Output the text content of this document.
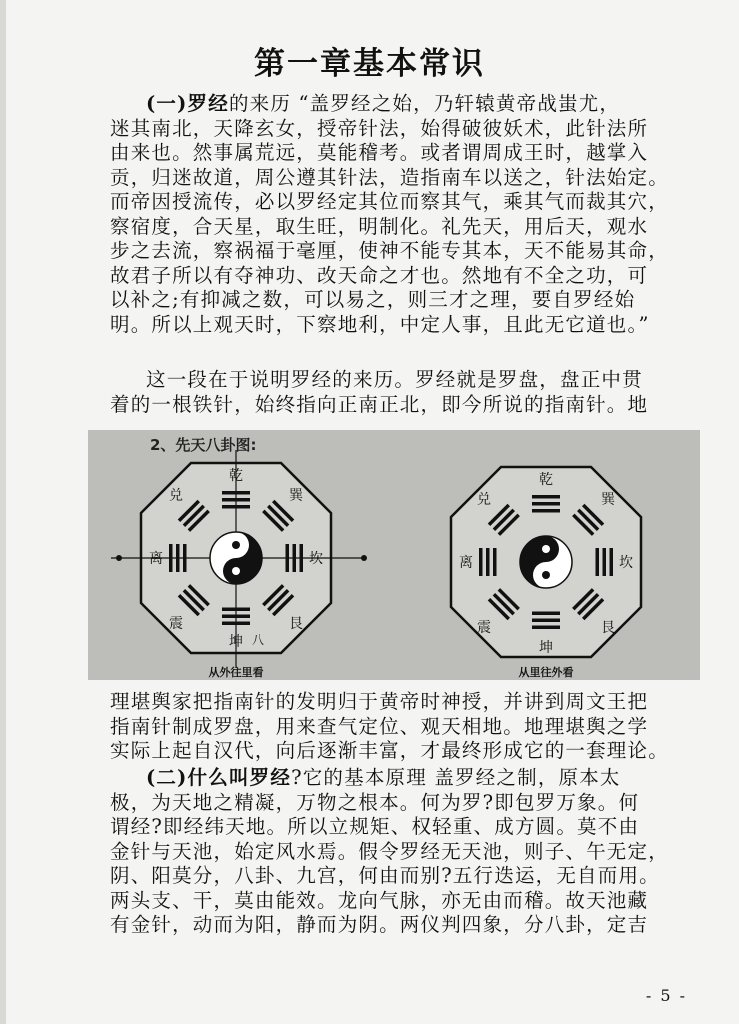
第一章基本常识
(一)罗经的来历 “盖罗经之始，乃轩辕黄帝战蚩尤，
迷其南北，天降玄女，授帝针法，始得破彼妖术，此针法所
由来也。然事属荒远，莫能稽考。或者谓周成王时，越掌入
贡，归迷故道，周公遵其针法，造指南车以送之，针法始定。
而帝因授流传，必以罗经定其位而察其气，乘其气而裁其穴，
察宿度，合天星，取生旺，明制化。礼先天，用后天，观水
步之去流，察祸福于毫厘，使神不能专其本，天不能易其命，
故君子所以有夺神功、改天命之才也。然地有不全之功，可
以补之;有抑减之数，可以易之，则三才之理，要自罗经始
明。所以上观天时，下察地利，中定人事，且此无它道也。”
这一段在于说明罗经的来历。罗经就是罗盘，盘正中贯
着的一根铁针，始终指向正南正北，即今所说的指南针。地
2、先天八卦图:
乾
巽
坎
艮
坤
震
离
兑
八
从外往里看
乾
巽
坎
艮
坤
震
离
兑
从里往外看
理堪舆家把指南针的发明归于黄帝时神授，并讲到周文王把
指南针制成罗盘，用来查气定位、观天相地。地理堪舆之学
实际上起自汉代，向后逐渐丰富，才最终形成它的一套理论。
(二)什么叫罗经?它的基本原理 盖罗经之制，原本太
极，为天地之精凝，万物之根本。何为罗?即包罗万象。何
谓经?即经纬天地。所以立规矩、权轻重、成方圆。莫不由
金针与天池，始定风水焉。假令罗经无天池，则子、午无定，
阴、阳莫分，八卦、九宫，何由而别?五行迭运，无自而用。
两头支、干，莫由能效。龙向气脉，亦无由而稽。故天池藏
有金针，动而为阳，静而为阴。两仪判四象，分八卦，定吉
- 5 -
